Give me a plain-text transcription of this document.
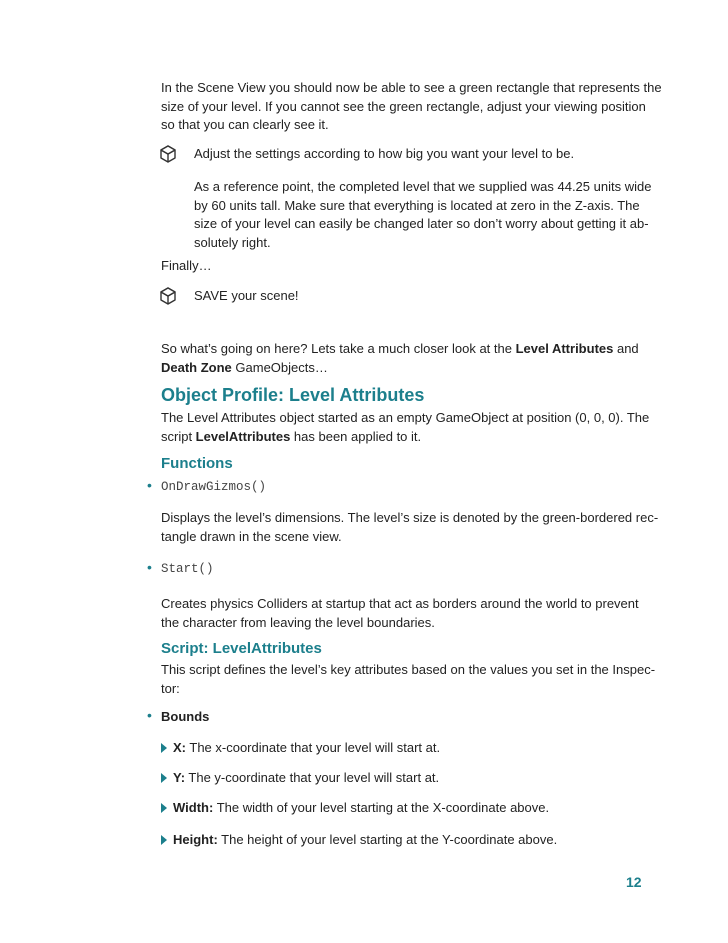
In the Scene View you should now be able to see a green rectangle that represents the
size of your level. If you cannot see the green rectangle, adjust your viewing position
so that you can clearly see it.
Adjust the settings according to how big you want your level to be.
As a reference point, the completed level that we supplied was 44.25 units wide
by 60 units tall. Make sure that everything is located at zero in the Z-axis. The
size of your level can easily be changed later so don’t worry about getting it ab-
solutely right.
Finally…
SAVE your scene!
So what’s going on here? Lets take a much closer look at the Level Attributes and
Death Zone GameObjects…
Object Profile: Level Attributes
The Level Attributes object started as an empty GameObject at position (0, 0, 0). The
script LevelAttributes has been applied to it.
Functions
• OnDrawGizmos()
Displays the level’s dimensions. The level’s size is denoted by the green-bordered rec-
tangle drawn in the scene view.
• Start()
Creates physics Colliders at startup that act as borders around the world to prevent
the character from leaving the level boundaries.
Script: LevelAttributes
This script defines the level’s key attributes based on the values you set in the Inspec-
tor:
• Bounds
X: The x-coordinate that your level will start at.
Y: The y-coordinate that your level will start at.
Width: The width of your level starting at the X-coordinate above.
Height: The height of your level starting at the Y-coordinate above.
12
